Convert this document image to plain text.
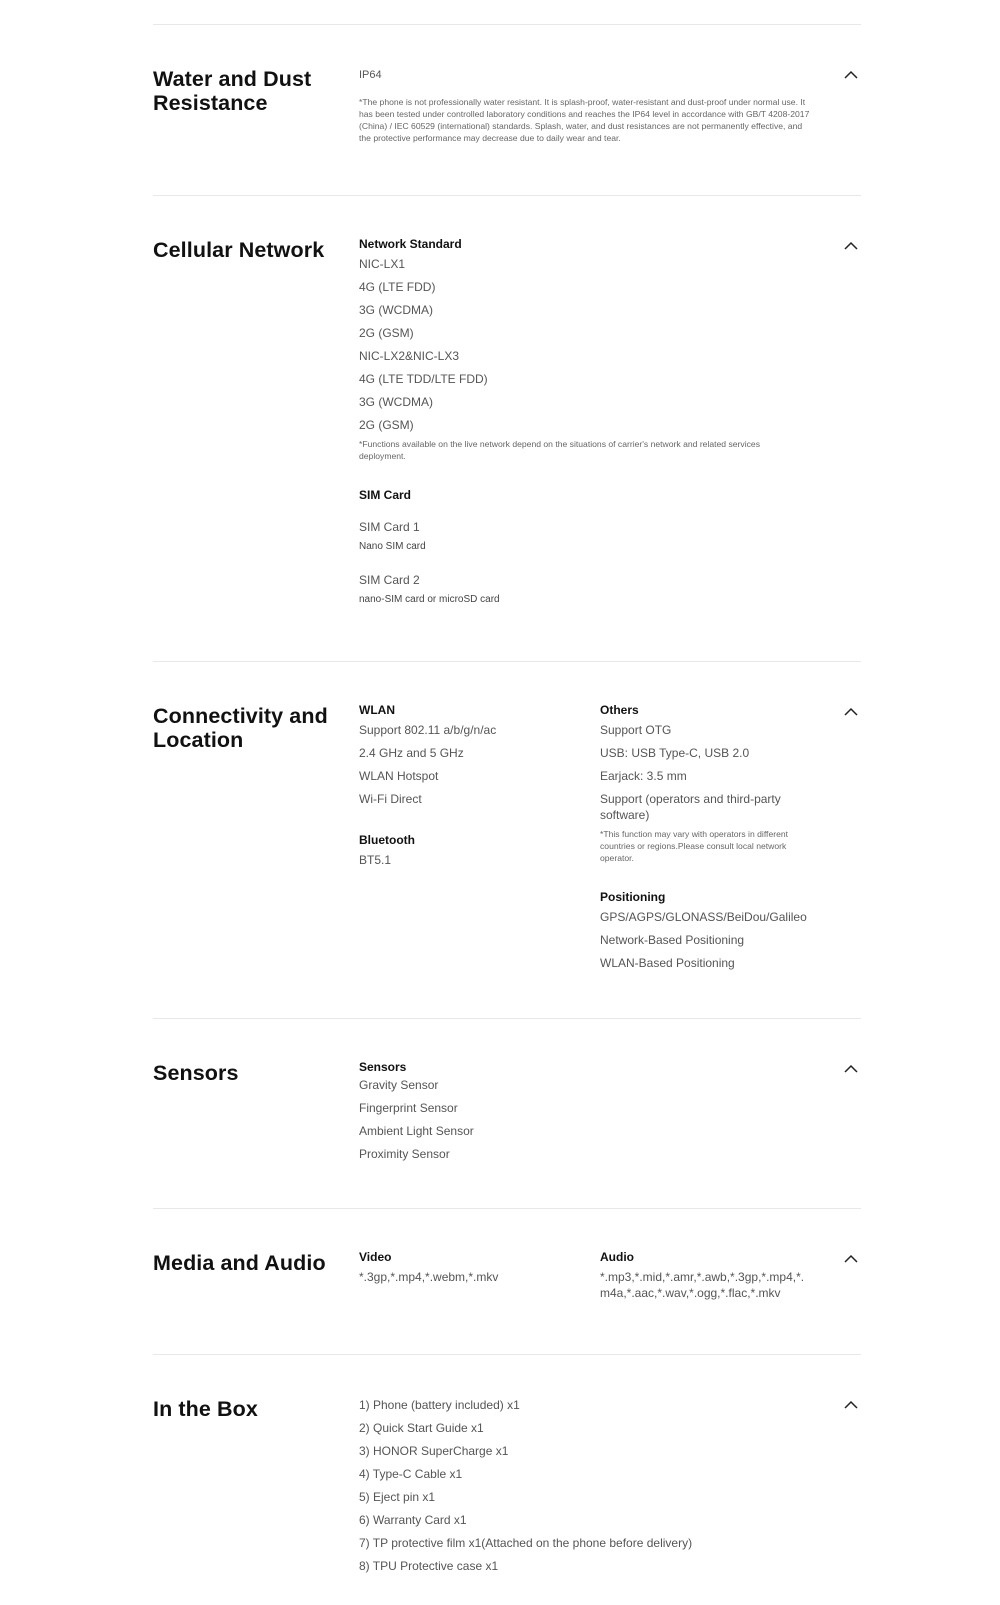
Water and Dust Resistance
IP64
*The phone is not professionally water resistant. It is splash-proof, water-resistant and dust-proof under normal use. It has been tested under controlled laboratory conditions and reaches the IP64 level in accordance with GB/T 4208-2017 (China) / IEC 60529 (international) standards. Splash, water, and dust resistances are not permanently effective, and the protective performance may decrease due to daily wear and tear.
Cellular Network	Network Standard
NIC-LX1
4G (LTE FDD)
3G (WCDMA)
2G (GSM)
NIC-LX2&NIC-LX3
4G (LTE TDD/LTE FDD)
3G (WCDMA)
2G (GSM)
*Functions available on the live network depend on the situations of carrier's network and related services deployment.
SIM Card
SIM Card 1
Nano SIM card
SIM Card 2
nano-SIM card or microSD card
Connectivity and Location
WLAN
Support 802.11 a/b/g/n/ac
2.4 GHz and 5 GHz
WLAN Hotspot
Wi-Fi Direct
Bluetooth
BT5.1
Others
Support OTG
USB: USB Type-C, USB 2.0
Earjack: 3.5 mm
Support (operators and third-party software)
*This function may vary with operators in different countries or regions.Please consult local network operator.
Positioning
GPS/AGPS/GLONASS/BeiDou/Galileo
Network-Based Positioning
WLAN-Based Positioning
Sensors	Sensors
Gravity Sensor
Fingerprint Sensor
Ambient Light Sensor
Proximity Sensor
Media and Audio	Video
*.3gp,*.mp4,*.webm,*.mkv
Audio
*.mp3,*.mid,*.amr,*.awb,*.3gp,*.mp4,*.m4a,*.aac,*.wav,*.ogg,*.flac,*.mkv
In the Box	1) Phone (battery included) x1
2) Quick Start Guide x1
3) HONOR SuperCharge x1
4) Type-C Cable x1
5) Eject pin x1
6) Warranty Card x1
7) TP protective film x1(Attached on the phone before delivery)
8) TPU Protective case x1
